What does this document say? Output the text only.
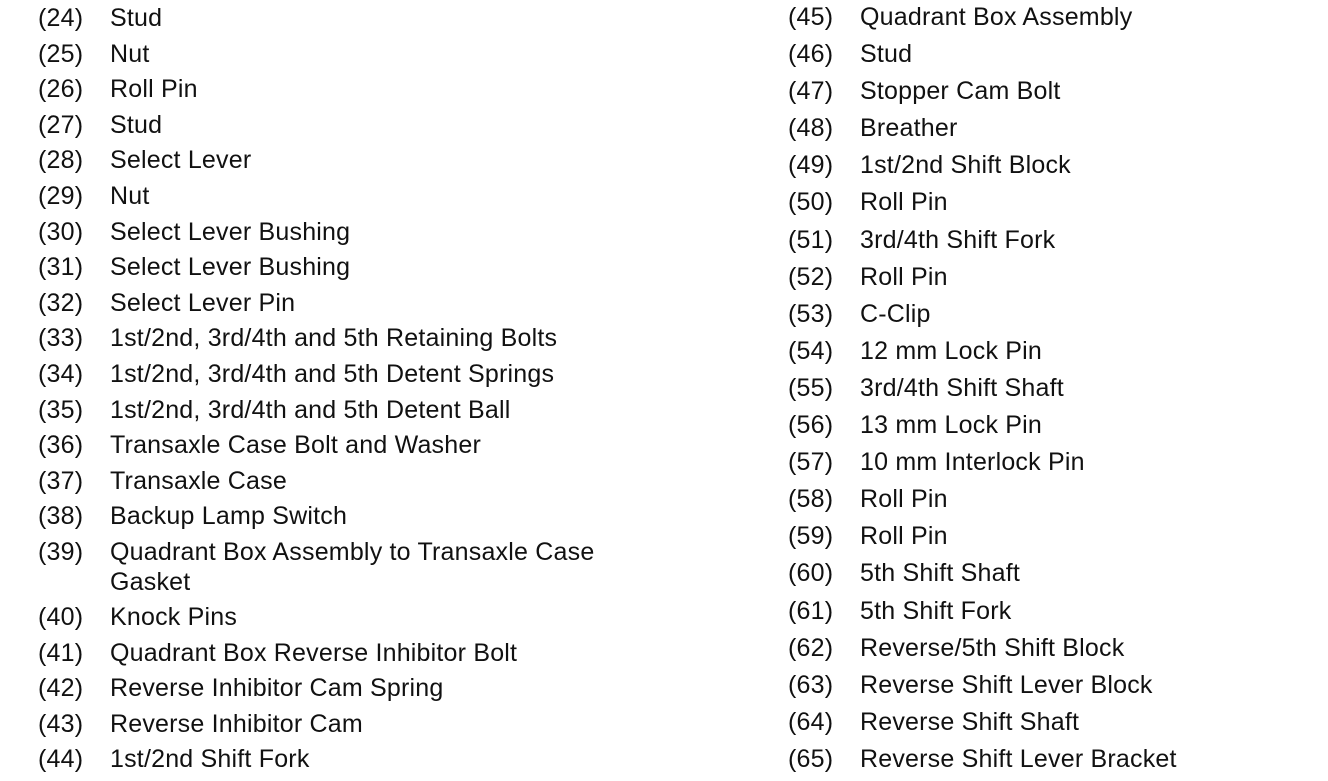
(24)	Stud
(25)	Nut
(26)	Roll Pin
(27)	Stud
(28)	Select Lever
(29)	Nut
(30)	Select Lever Bushing
(31)	Select Lever Bushing
(32)	Select Lever Pin
(33)	1st/2nd, 3rd/4th and 5th Retaining Bolts
(34)	1st/2nd, 3rd/4th and 5th Detent Springs
(35)	1st/2nd, 3rd/4th and 5th Detent Ball
(36)	Transaxle Case Bolt and Washer
(37)	Transaxle Case
(38)	Backup Lamp Switch
(39)	Quadrant Box Assembly to Transaxle Case Gasket
(40)	Knock Pins
(41)	Quadrant Box Reverse Inhibitor Bolt
(42)	Reverse Inhibitor Cam Spring
(43)	Reverse Inhibitor Cam
(44)	1st/2nd Shift Fork
(45)	Quadrant Box Assembly
(46)	Stud
(47)	Stopper Cam Bolt
(48)	Breather
(49)	1st/2nd Shift Block
(50)	Roll Pin
(51)	3rd/4th Shift Fork
(52)	Roll Pin
(53)	C-Clip
(54)	12 mm Lock Pin
(55)	3rd/4th Shift Shaft
(56)	13 mm Lock Pin
(57)	10 mm Interlock Pin
(58)	Roll Pin
(59)	Roll Pin
(60)	5th Shift Shaft
(61)	5th Shift Fork
(62)	Reverse/5th Shift Block
(63)	Reverse Shift Lever Block
(64)	Reverse Shift Shaft
(65)	Reverse Shift Lever Bracket
